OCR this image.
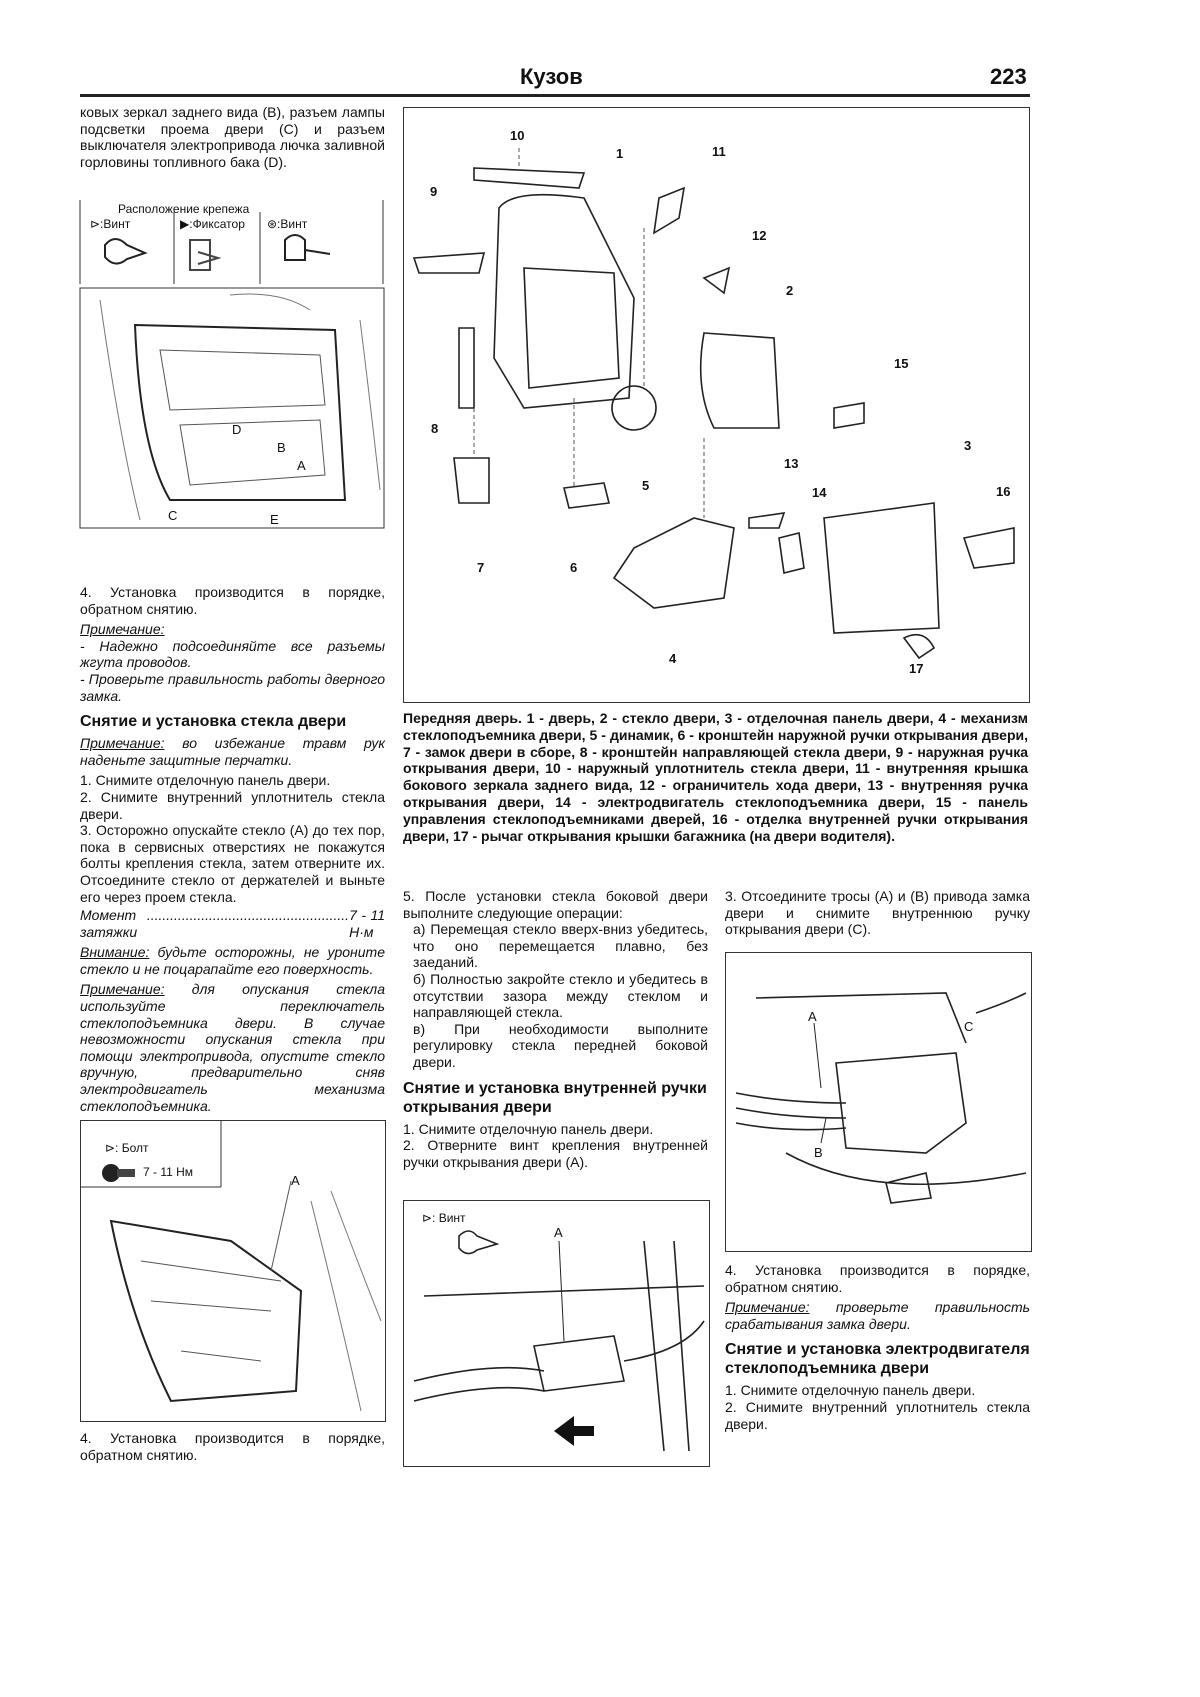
Кузов	223

ковых зеркал заднего вида (B), разъем лампы подсветки проема двери (C) и разъем выключателя электропривода лючка заливной горловины топливного бака (D).

Расположение крепежа
⊳:Винт	▶:Фиксатор ⊛:Винт
A
B
C
D
E

4. Установка производится в порядке, обратном снятию.

Примечание:

- Надежно подсоединяйте все разъемы жгута проводов.

- Проверьте правильность работы дверного замка.

Снятие и установка стекла двери

Примечание: во избежание травм рук наденьте защитные перчатки.

1. Снимите отделочную панель двери.

2. Снимите внутренний уплотнитель стекла двери.

3. Осторожно опускайте стекло (A) до тех пор, пока в сервисных отверстиях не покажутся болты крепления стекла, затем отверните их. Отсоедините стекло от держателей и выньте его через проем стекла.

Момент затяжки
.................................................... 7 - 11 Н·м

Внимание: будьте осторожны, не уроните стекло и не поцарапайте его поверхность.

Примечание: для опускания стекла используйте переключатель стеклоподъемника двери. В случае невозможности опускания стекла при помощи электропривода, опустите стекло вручную, предварительно сняв электродвигатель механизма стеклоподъемника.

⊳: Болт
7 - 11 Нм
A

4. Установка производится в порядке, обратном снятию.

1
2
3
4
5
6
7
8
9
10
11
12
13
14
15
16
17
Передняя дверь. 1 - дверь, 2 - стекло двери, 3 - отделочная панель двери, 4 - механизм стеклоподъемника двери, 5 - динамик, 6 - кронштейн наружной ручки открывания двери, 7 - замок двери в сборе, 8 - кронштейн направляющей стекла двери, 9 - наружная ручка открывания двери, 10 - наружный уплотнитель стекла двери, 11 - внутренняя крышка бокового зеркала заднего вида, 12 - ограничитель хода двери, 13 - внутренняя ручка открывания двери, 14 - электродвигатель стеклоподъемника двери, 15 - панель управления стеклоподъемниками дверей, 16 - отделка внутренней ручки открывания двери, 17 - рычаг открывания крышки багажника (на двери водителя).

5. После установки стекла боковой двери выполните следующие операции:

а) Перемещая стекло вверх-вниз убедитесь, что оно перемещается плавно, без заеданий.

б) Полностью закройте стекло и убедитесь в отсутствии зазора между стеклом и направляющей стекла.

в) При необходимости выполните регулировку стекла передней боковой двери.

Снятие и установка внутренней ручки открывания двери

1. Снимите отделочную панель двери.

2. Отверните винт крепления внутренней ручки открывания двери (A).

⊳: Винт
A

3. Отсоедините тросы (A) и (B) привода замка двери и снимите внутреннюю ручку открывания двери (C).

A
B
C

4. Установка производится в порядке, обратном снятию.

Примечание: проверьте правильность срабатывания замка двери.

Снятие и установка электродвигателя стеклоподъемника двери

1. Снимите отделочную панель двери.

2. Снимите внутренний уплотнитель стекла двери.
